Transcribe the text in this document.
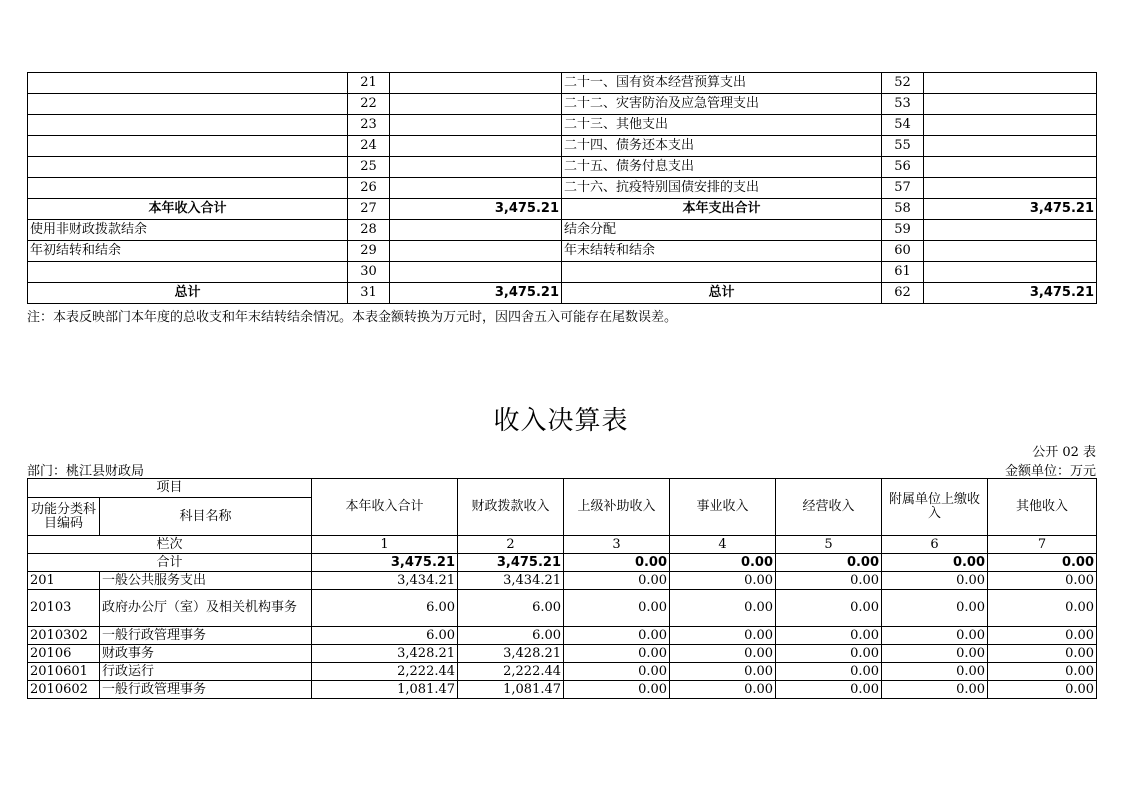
	21		二十一、国有资本经营预算支出	52	
	22		二十二、灾害防治及应急管理支出	53	
	23		二十三、其他支出	54	
	24		二十四、债务还本支出	55	
	25		二十五、债务付息支出	56	
	26		二十六、抗疫特别国债安排的支出	57	
本年收入合计	27	3,475.21	本年支出合计	58	3,475.21
使用非财政拨款结余	28		结余分配	59	
年初结转和结余	29		年末结转和结余	60	
	30			61	
总计	31	3,475.21	总计	62	3,475.21
注：本表反映部门本年度的总收支和年末结转结余情况。本表金额转换为万元时，因四舍五入可能存在尾数误差。
收入决算表
公开 02 表
部门：桃江县财政局	金额单位：万元
项目		本年收入合计	财政拨款收入	上级补助收入	事业收入	经营收入	附属单位上缴收入	其他收入
功能分类科目编码	科目名称							
栏次		1	2	3	4	5	6	7
合计		3,475.21	3,475.21	0.00	0.00	0.00	0.00	0.00
201	一般公共服务支出	3,434.21	3,434.21	0.00	0.00	0.00	0.00	0.00
20103	政府办公厅（室）及相关机构事务	6.00	6.00	0.00	0.00	0.00	0.00	0.00
2010302	一般行政管理事务	6.00	6.00	0.00	0.00	0.00	0.00	0.00
20106	财政事务	3,428.21	3,428.21	0.00	0.00	0.00	0.00	0.00
2010601	行政运行	2,222.44	2,222.44	0.00	0.00	0.00	0.00	0.00
2010602	一般行政管理事务	1,081.47	1,081.47	0.00	0.00	0.00	0.00	0.00
